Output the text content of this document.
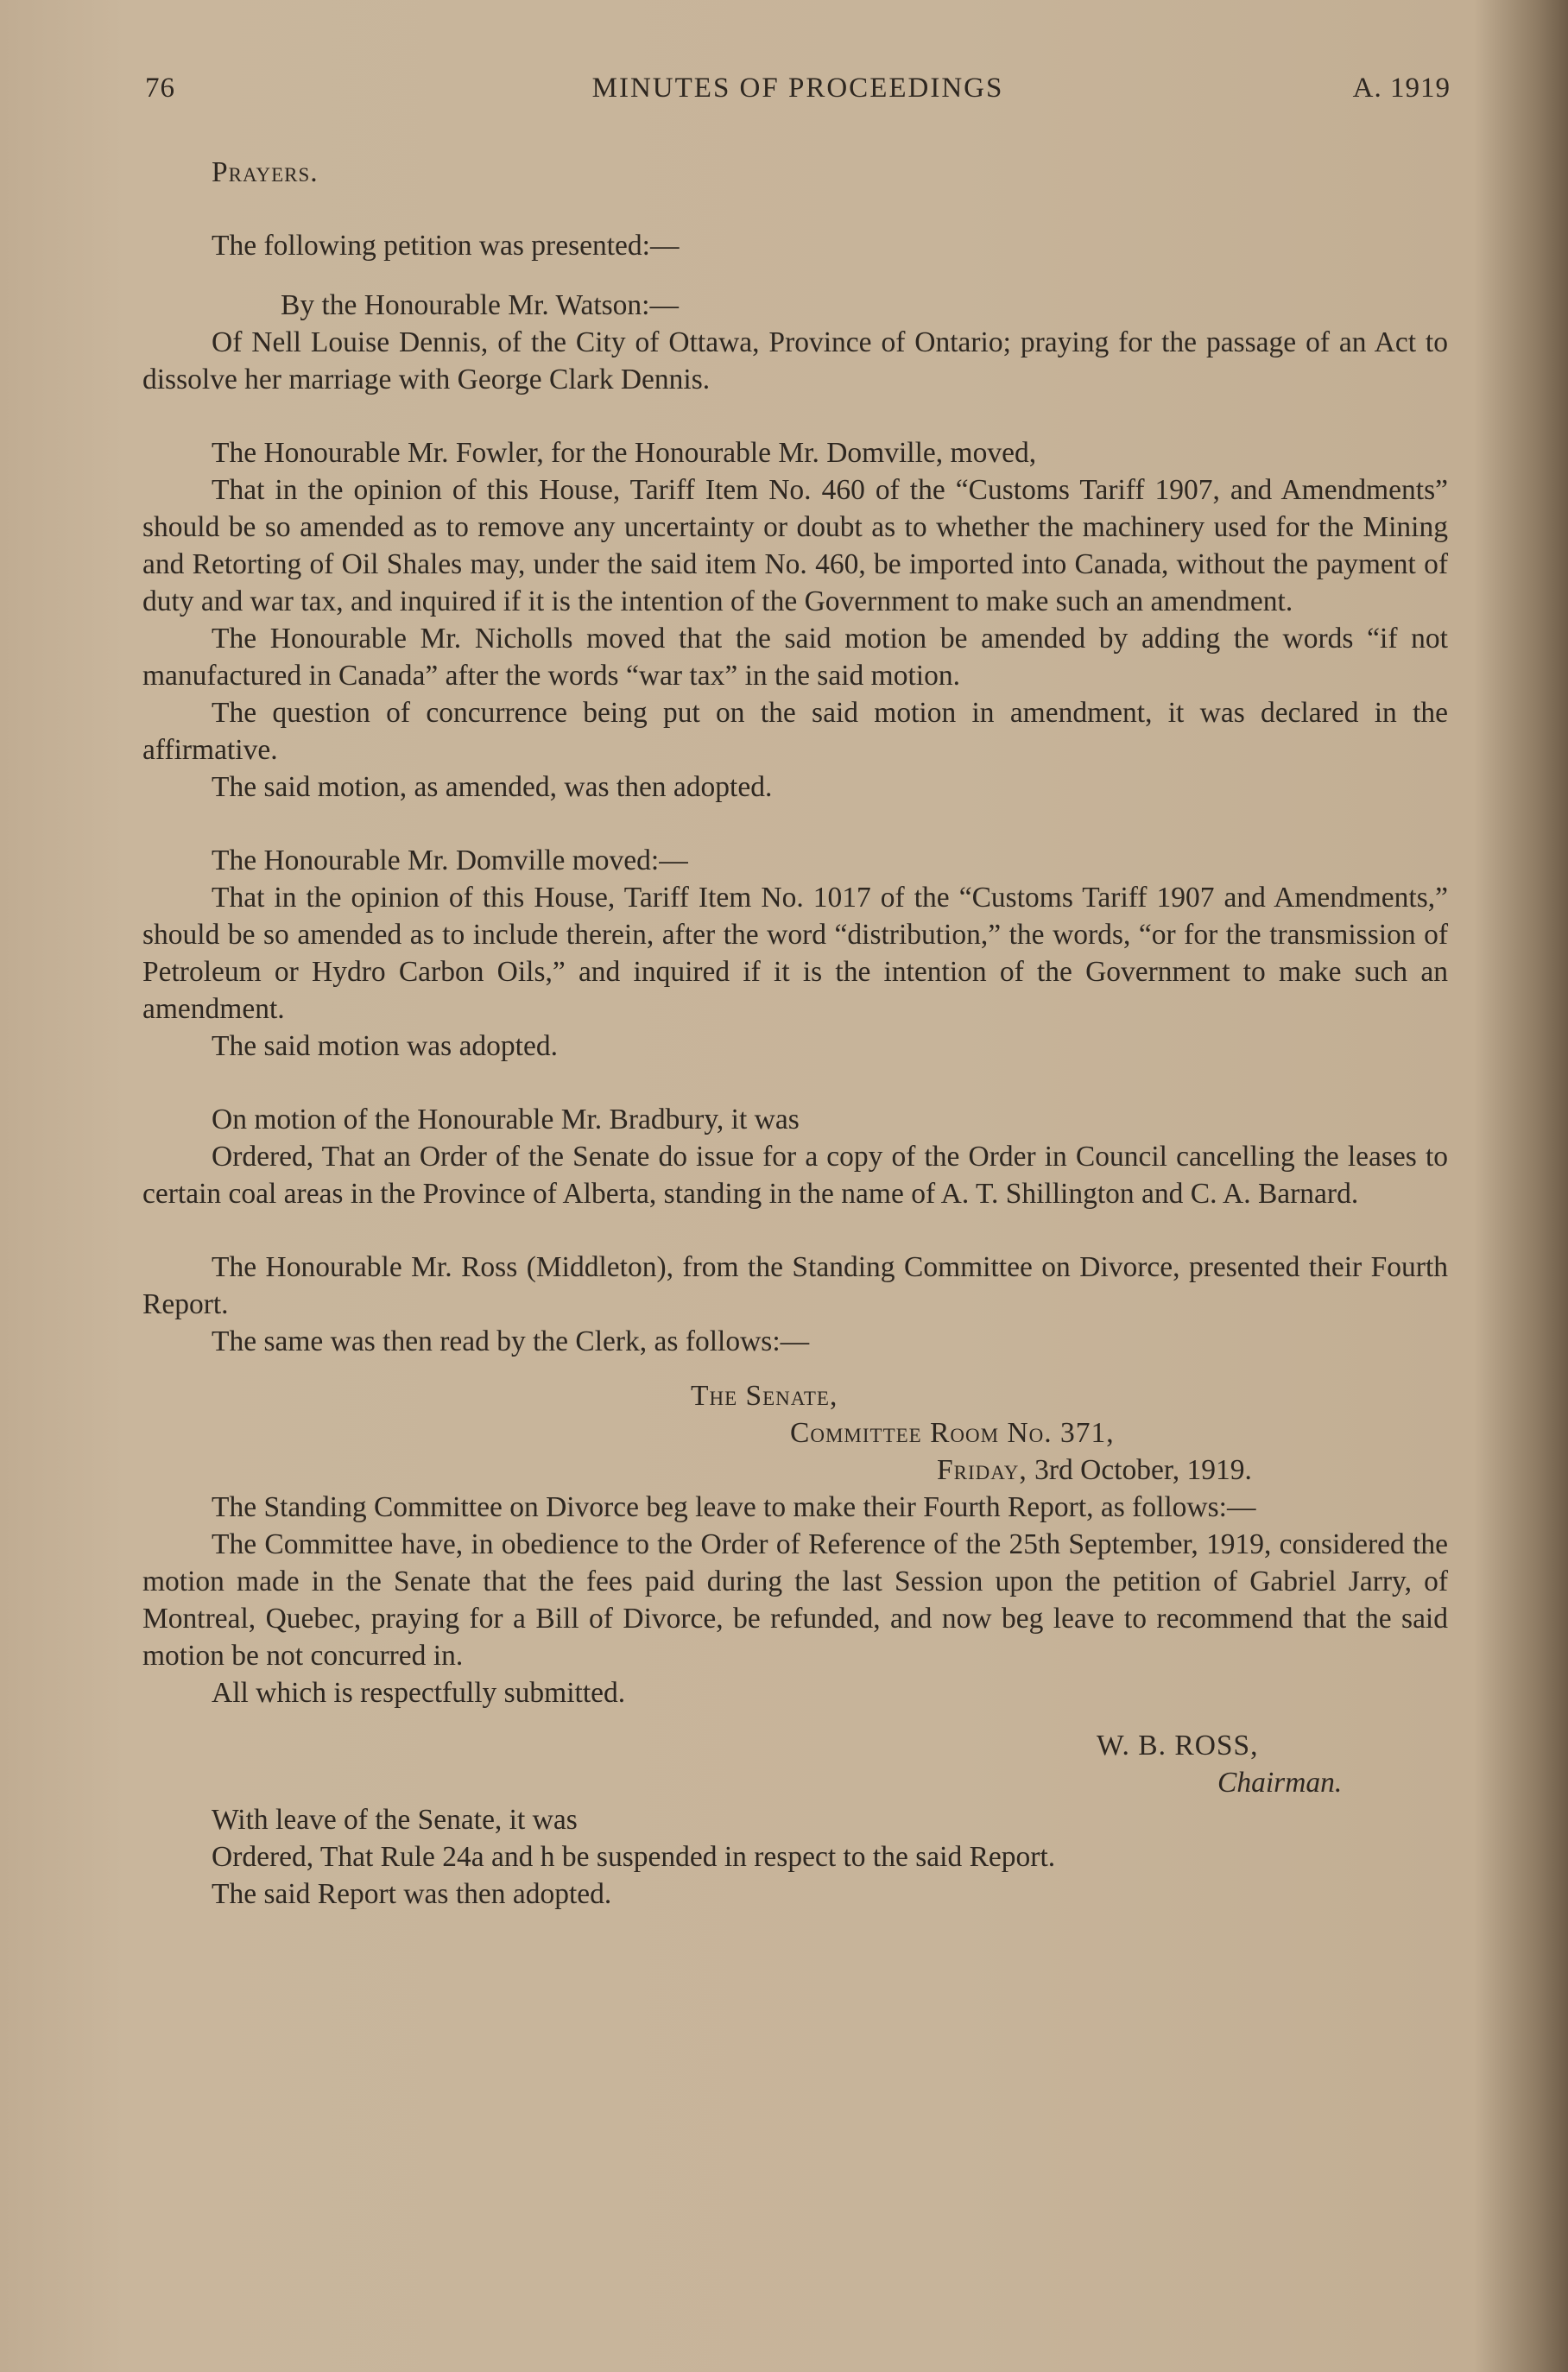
76	MINUTES OF PROCEEDINGS	A. 1919

Prayers.

The following petition was presented:—

By the Honourable Mr. Watson:—

Of Nell Louise Dennis, of the City of Ottawa, Province of Ontario; praying for the passage of an Act to dissolve her marriage with George Clark Dennis.

The Honourable Mr. Fowler, for the Honourable Mr. Domville, moved,

That in the opinion of this House, Tariff Item No. 460 of the “Customs Tariff 1907, and Amendments” should be so amended as to remove any uncertainty or doubt as to whether the machinery used for the Mining and Retorting of Oil Shales may, under the said item No. 460, be imported into Canada, without the payment of duty and war tax, and inquired if it is the intention of the Government to make such an amendment.

The Honourable Mr. Nicholls moved that the said motion be amended by adding the words “if not manufactured in Canada” after the words “war tax” in the said motion.

The question of concurrence being put on the said motion in amendment, it was declared in the affirmative.

The said motion, as amended, was then adopted.

The Honourable Mr. Domville moved:—

That in the opinion of this House, Tariff Item No. 1017 of the “Customs Tariff 1907 and Amendments,” should be so amended as to include therein, after the word “distribution,” the words, “or for the transmission of Petroleum or Hydro Carbon Oils,” and inquired if it is the intention of the Government to make such an amendment.

The said motion was adopted.

On motion of the Honourable Mr. Bradbury, it was

Ordered, That an Order of the Senate do issue for a copy of the Order in Council cancelling the leases to certain coal areas in the Province of Alberta, standing in the name of A. T. Shillington and C. A. Barnard.

The Honourable Mr. Ross (Middleton), from the Standing Committee on Divorce, presented their Fourth Report.

The same was then read by the Clerk, as follows:—

The Senate,

Committee Room No. 371,

Friday, 3rd October, 1919.

The Standing Committee on Divorce beg leave to make their Fourth Report, as follows:—

The Committee have, in obedience to the Order of Reference of the 25th September, 1919, considered the motion made in the Senate that the fees paid during the last Session upon the petition of Gabriel Jarry, of Montreal, Quebec, praying for a Bill of Divorce, be refunded, and now beg leave to recommend that the said motion be not concurred in.

All which is respectfully submitted.

W. B. ROSS,

Chairman.

With leave of the Senate, it was

Ordered, That Rule 24a and h be suspended in respect to the said Report.

The said Report was then adopted.
